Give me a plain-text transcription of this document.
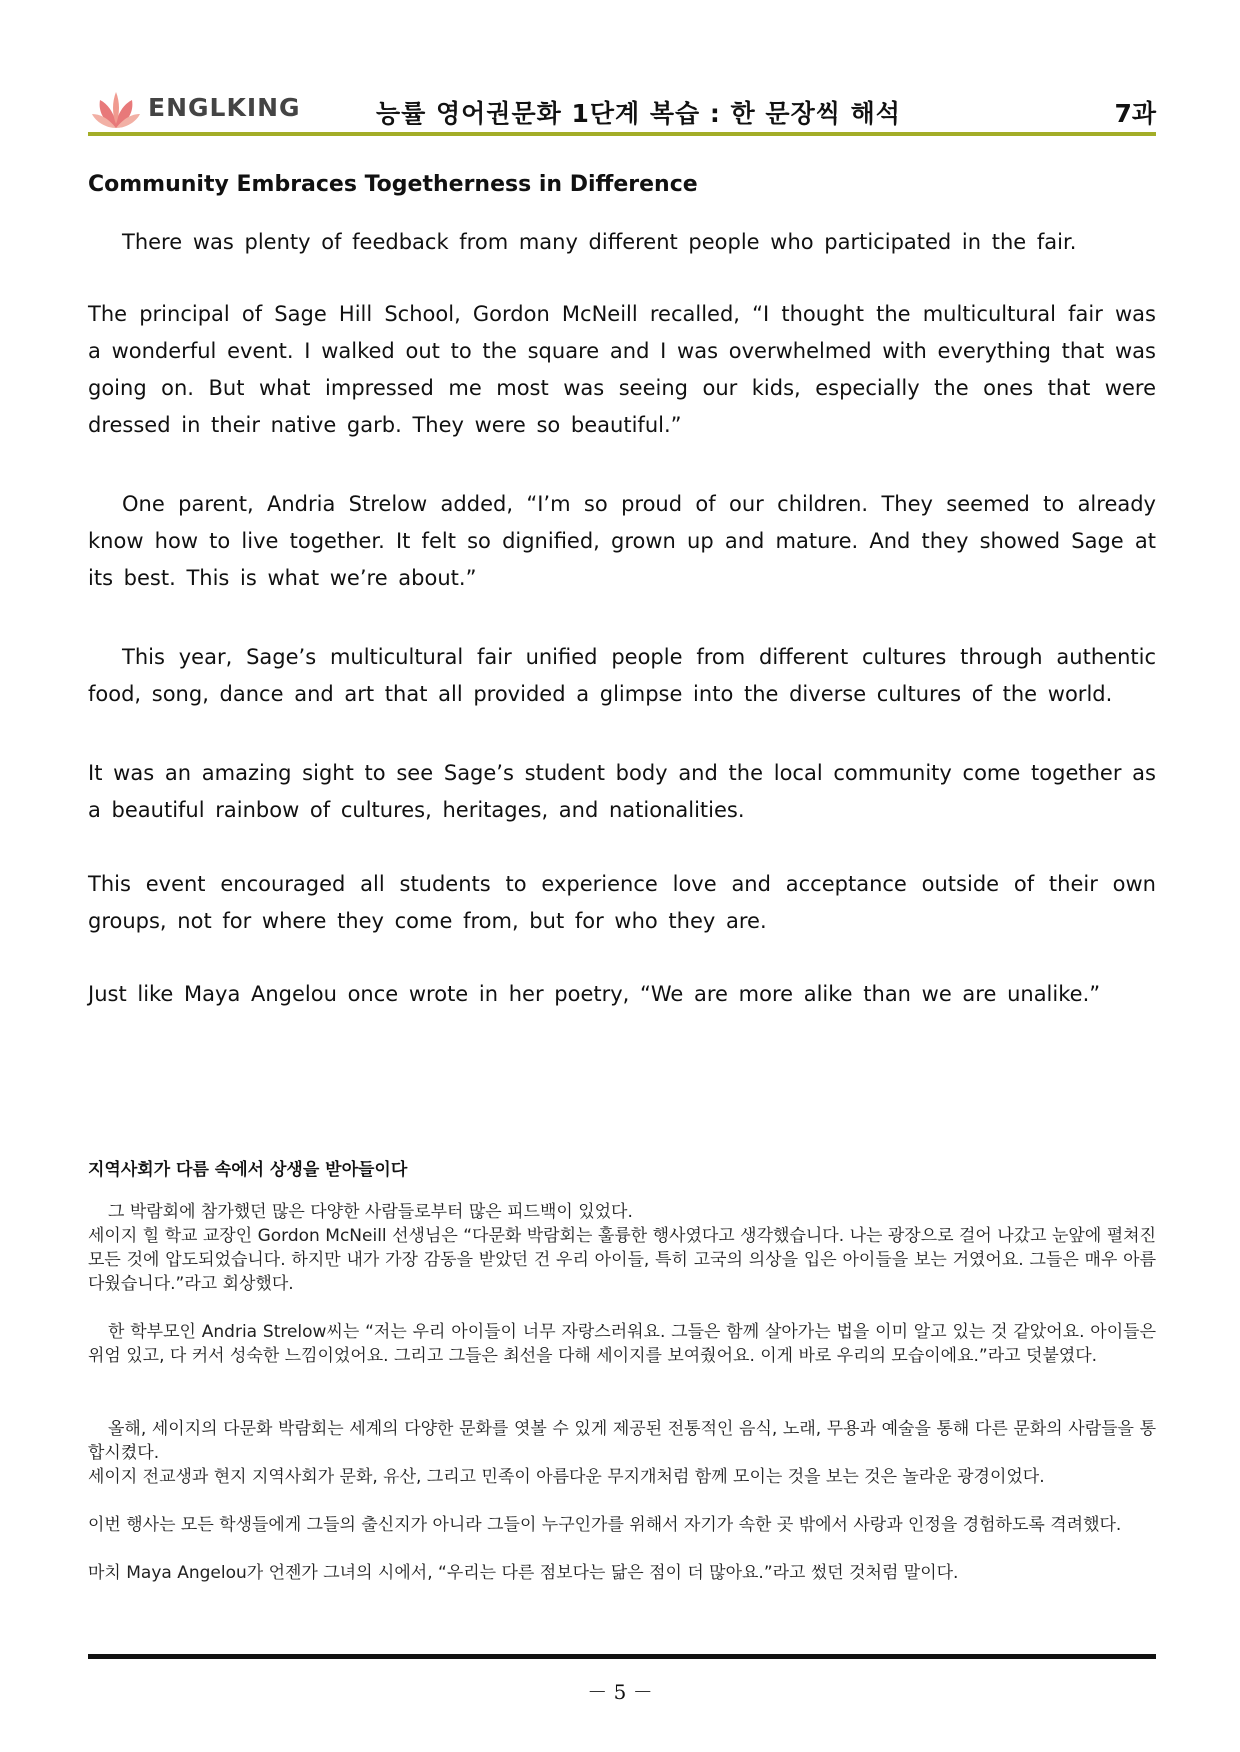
ENGLKING	능률 영어권문화 1단계 복습 : 한 문장씩 해석	7과
Community Embraces Togetherness in Difference

There was plenty of feedback from many different people who participated in the fair.

The principal of Sage Hill School, Gordon McNeill recalled, “I thought the multicultural fair was a wonderful event. I walked out to the square and I was overwhelmed with everything that was going on. But what impressed me most was seeing our kids, especially the ones that were dressed in their native garb. They were so beautiful.”

One parent, Andria Strelow added, “I’m so proud of our children. They seemed to already know how to live together. It felt so dignified, grown up and mature. And they showed Sage at its best. This is what we’re about.”

This year, Sage’s multicultural fair unified people from different cultures through authentic food, song, dance and art that all provided a glimpse into the diverse cultures of the world.

It was an amazing sight to see Sage’s student body and the local community come together as a beautiful rainbow of cultures, heritages, and nationalities.

This event encouraged all students to experience love and acceptance outside of their own groups, not for where they come from, but for who they are.

Just like Maya Angelou once wrote in her poetry, “We are more alike than we are unalike.”

지역사회가 다름 속에서 상생을 받아들이다

그 박람회에 참가했던 많은 다양한 사람들로부터 많은 피드백이 있었다.

세이지 힐 학교 교장인 Gordon McNeill 선생님은 “다문화 박람회는 훌륭한 행사였다고 생각했습니다. 나는 광장으로 걸어 나갔고 눈앞에 펼쳐진 모든 것에 압도되었습니다. 하지만 내가 가장 감동을 받았던 건 우리 아이들, 특히 고국의 의상을 입은 아이들을 보는 거였어요. 그들은 매우 아름다웠습니다.”라고 회상했다.

한 학부모인 Andria Strelow씨는 “저는 우리 아이들이 너무 자랑스러워요. 그들은 함께 살아가는 법을 이미 알고 있는 것 같았어요. 아이들은 위엄 있고, 다 커서 성숙한 느낌이었어요. 그리고 그들은 최선을 다해 세이지를 보여줬어요. 이게 바로 우리의 모습이에요.”라고 덧붙였다.

올해, 세이지의 다문화 박람회는 세계의 다양한 문화를 엿볼 수 있게 제공된 전통적인 음식, 노래, 무용과 예술을 통해 다른 문화의 사람들을 통합시켰다.

세이지 전교생과 현지 지역사회가 문화, 유산, 그리고 민족이 아름다운 무지개처럼 함께 모이는 것을 보는 것은 놀라운 광경이었다.

이번 행사는 모든 학생들에게 그들의 출신지가 아니라 그들이 누구인가를 위해서 자기가 속한 곳 밖에서 사랑과 인정을 경험하도록 격려했다.

마치 Maya Angelou가 언젠가 그녀의 시에서, “우리는 다른 점보다는 닮은 점이 더 많아요.”라고 썼던 것처럼 말이다.

－ 5 －
